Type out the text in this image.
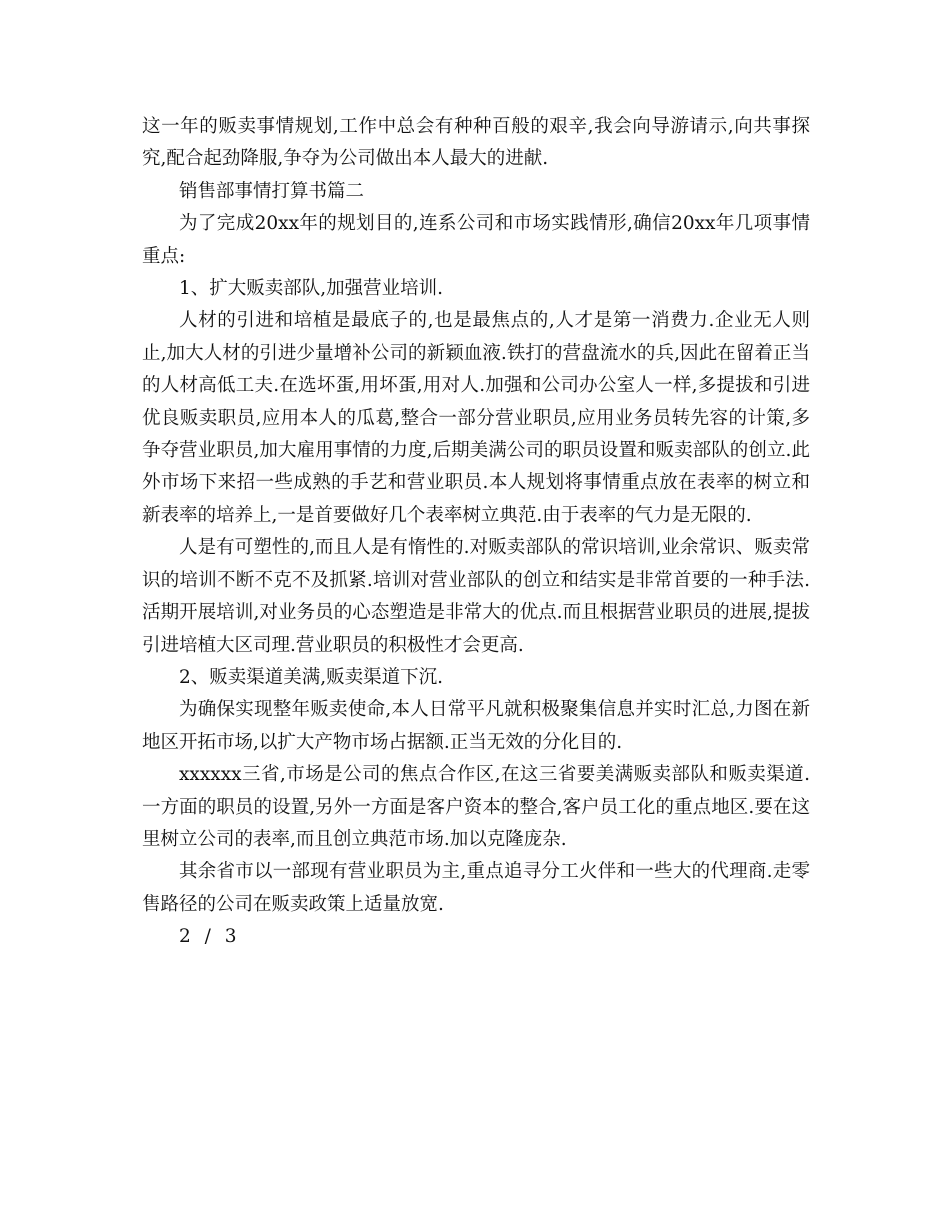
这一年的贩卖事情规划,工作中总会有种种百般的艰辛,我会向导游请示,向共事探究,配合起劲降服,争夺为公司做出本人最大的进献.

销售部事情打算书篇二

为了完成20xx年的规划目的,连系公司和市场实践情形,确信20xx年几项事情重点:

1、扩大贩卖部队,加强营业培训.

人材的引进和培植是最底子的,也是最焦点的,人才是第一消费力.企业无人则止,加大人材的引进少量增补公司的新颖血液.铁打的营盘流水的兵,因此在留着正当的人材高低工夫.在选坏蛋,用坏蛋,用对人.加强和公司办公室人一样,多提拔和引进优良贩卖职员,应用本人的瓜葛,整合一部分营业职员,应用业务员转先容的计策,多争夺营业职员,加大雇用事情的力度,后期美满公司的职员设置和贩卖部队的创立.此外市场下来招一些成熟的手艺和营业职员.本人规划将事情重点放在表率的树立和新表率的培养上,一是首要做好几个表率树立典范.由于表率的气力是无限的.

人是有可塑性的,而且人是有惰性的.对贩卖部队的常识培训,业余常识、贩卖常识的培训不断不克不及抓紧.培训对营业部队的创立和结实是非常首要的一种手法.活期开展培训,对业务员的心态塑造是非常大的优点.而且根据营业职员的进展,提拔引进培植大区司理.营业职员的积极性才会更高.

2、贩卖渠道美满,贩卖渠道下沉.

为确保实现整年贩卖使命,本人日常平凡就积极聚集信息并实时汇总,力图在新地区开拓市场,以扩大产物市场占据额.正当无效的分化目的.

xxxxxx三省,市场是公司的焦点合作区,在这三省要美满贩卖部队和贩卖渠道.一方面的职员的设置,另外一方面是客户资本的整合,客户员工化的重点地区.要在这里树立公司的表率,而且创立典范市场.加以克隆庞杂.

其余省市以一部现有营业职员为主,重点追寻分工火伴和一些大的代理商.走零售路径的公司在贩卖政策上适量放宽.

2 / 3
